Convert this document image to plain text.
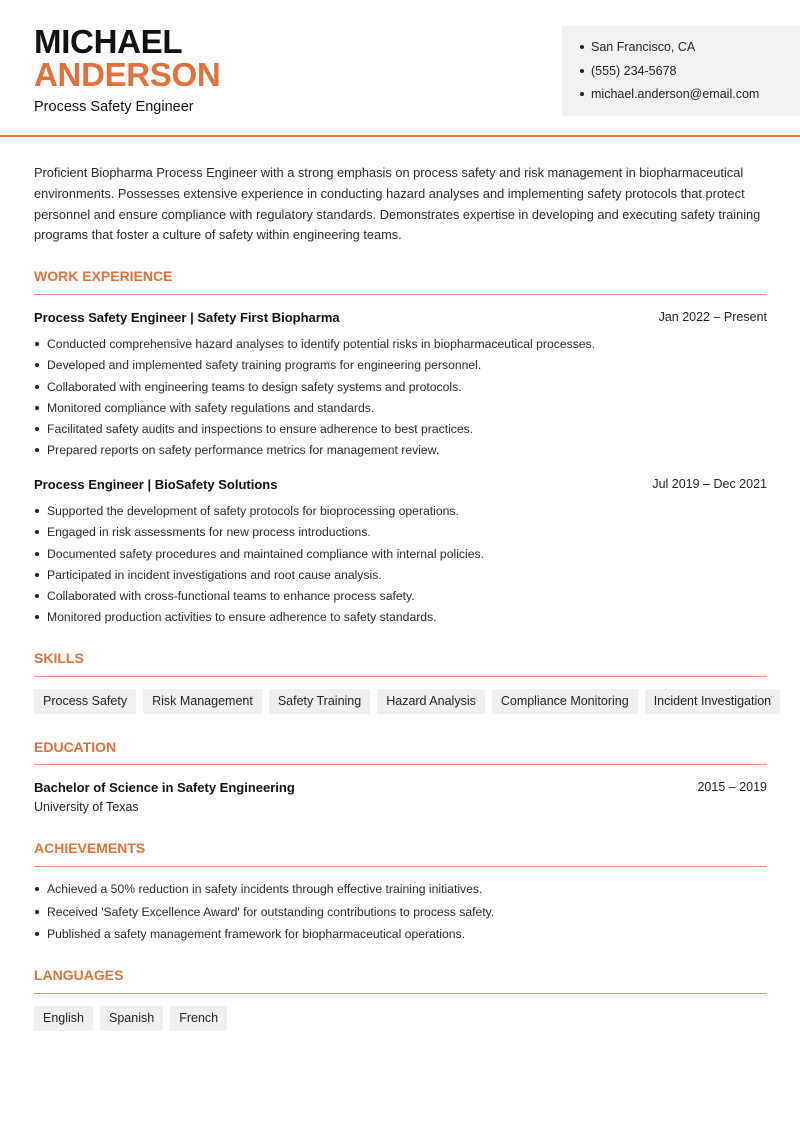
MICHAEL
ANDERSON
Process Safety Engineer
San Francisco, CA
(555) 234-5678
michael.anderson@email.com

Proficient Biopharma Process Engineer with a strong emphasis on process safety and risk management in biopharmaceutical environments. Possesses extensive experience in conducting hazard analyses and implementing safety protocols that protect personnel and ensure compliance with regulatory standards. Demonstrates expertise in developing and executing safety training programs that foster a culture of safety within engineering teams.

WORK EXPERIENCE
Process Safety Engineer | Safety First Biopharma	Jan 2022 – Present
Conducted comprehensive hazard analyses to identify potential risks in biopharmaceutical processes.
Developed and implemented safety training programs for engineering personnel.
Collaborated with engineering teams to design safety systems and protocols.
Monitored compliance with safety regulations and standards.
Facilitated safety audits and inspections to ensure adherence to best practices.
Prepared reports on safety performance metrics for management review.
Process Engineer | BioSafety Solutions	Jul 2019 – Dec 2021
Supported the development of safety protocols for bioprocessing operations.
Engaged in risk assessments for new process introductions.
Documented safety procedures and maintained compliance with internal policies.
Participated in incident investigations and root cause analysis.
Collaborated with cross-functional teams to enhance process safety.
Monitored production activities to ensure adherence to safety standards.
SKILLS
Process Safety	Risk Management	Safety Training	Hazard Analysis	Compliance Monitoring	Incident Investigation
EDUCATION
Bachelor of Science in Safety Engineering	2015 – 2019
University of Texas
ACHIEVEMENTS
Achieved a 50% reduction in safety incidents through effective training initiatives.
Received 'Safety Excellence Award' for outstanding contributions to process safety.
Published a safety management framework for biopharmaceutical operations.
LANGUAGES
English	Spanish	French
